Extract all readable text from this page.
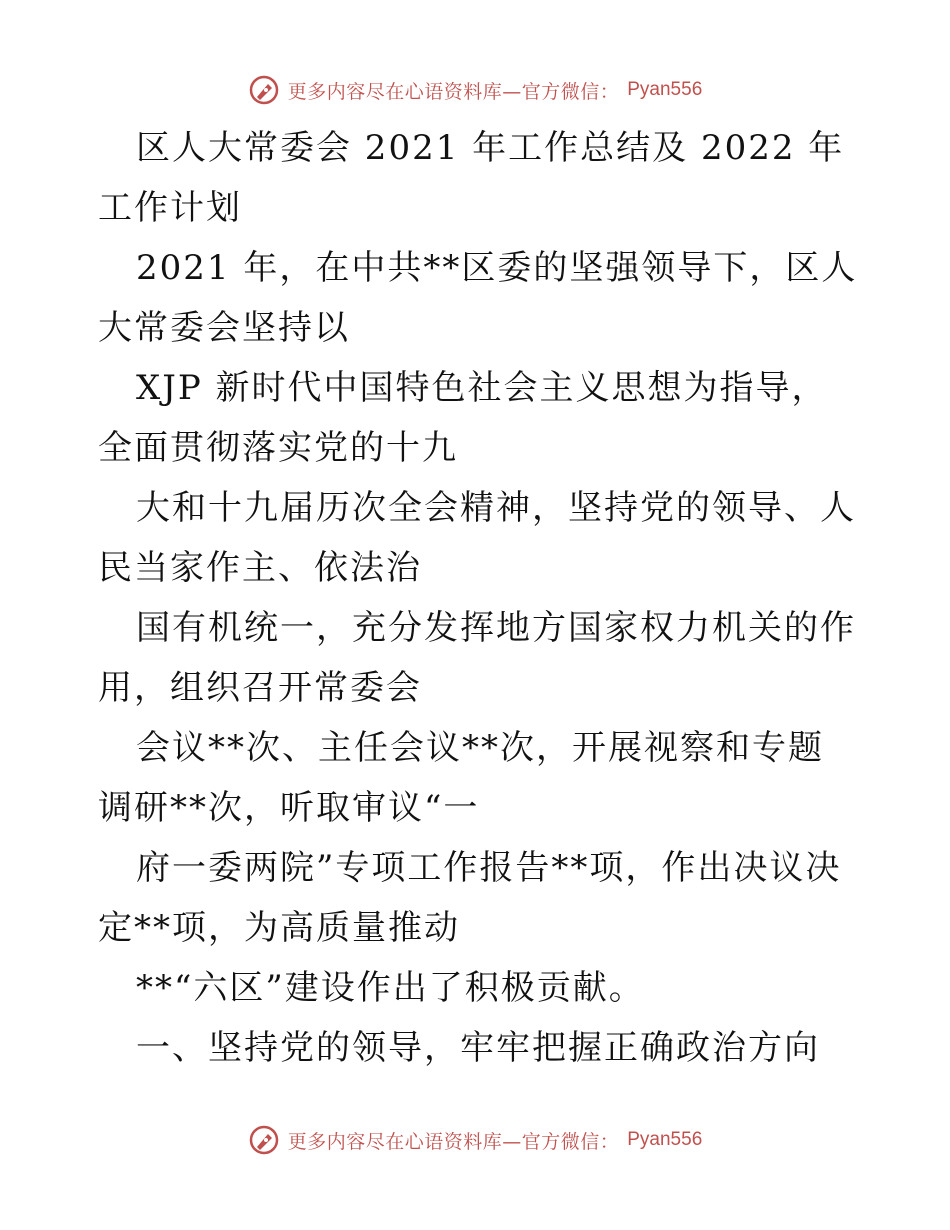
更多内容尽在心语资料库—官方微信： Pyan556

区人大常委会 2021 年工作总结及 2022 年工作计划

2021 年，在中共**区委的坚强领导下，区人大常委会坚持以

XJP 新时代中国特色社会主义思想为指导，全面贯彻落实党的十九

大和十九届历次全会精神，坚持党的领导、人民当家作主、依法治

国有机统一，充分发挥地方国家权力机关的作用，组织召开常委会

会议**次、主任会议**次，开展视察和专题调研**次，听取审议“一

府一委两院”专项工作报告**项，作出决议决定**项，为高质量推动

**“六区”建设作出了积极贡献。

一、坚持党的领导，牢牢把握正确政治方向

更多内容尽在心语资料库—官方微信： Pyan556
